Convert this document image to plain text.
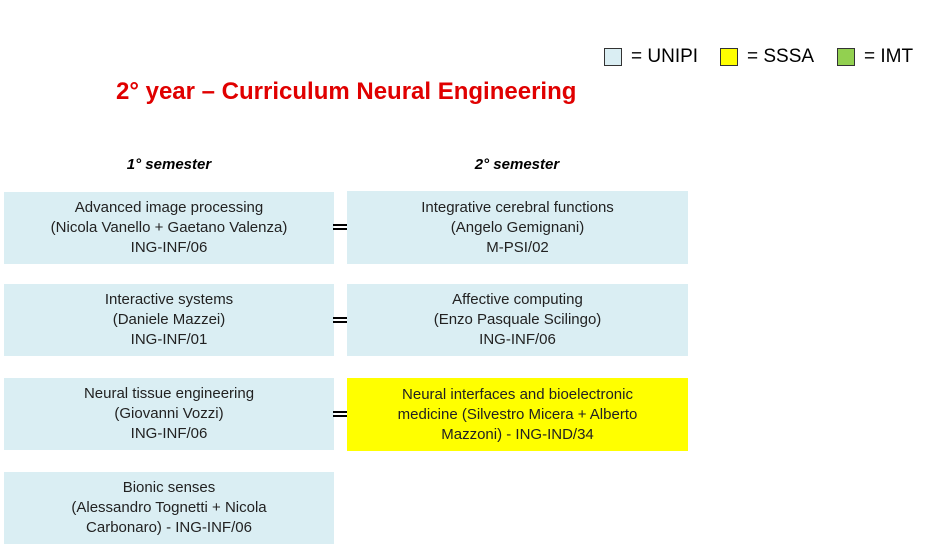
= UNIPI	= SSSA	= IMT
2° year – Curriculum Neural Engineering
1° semester	2° semester
Advanced image processing
(Nicola Vanello + Gaetano Valenza)
ING-INF/06
Interactive systems
(Daniele Mazzei)
ING-INF/01
Neural tissue engineering
(Giovanni Vozzi)
ING-INF/06
Bionic senses
(Alessandro Tognetti + Nicola
Carbonaro) - ING-INF/06
Integrative cerebral functions
(Angelo Gemignani)
M-PSI/02
Affective computing
(Enzo Pasquale Scilingo)
ING-INF/06
Neural interfaces and bioelectronic
medicine (Silvestro Micera + Alberto
Mazzoni) - ING-IND/34
